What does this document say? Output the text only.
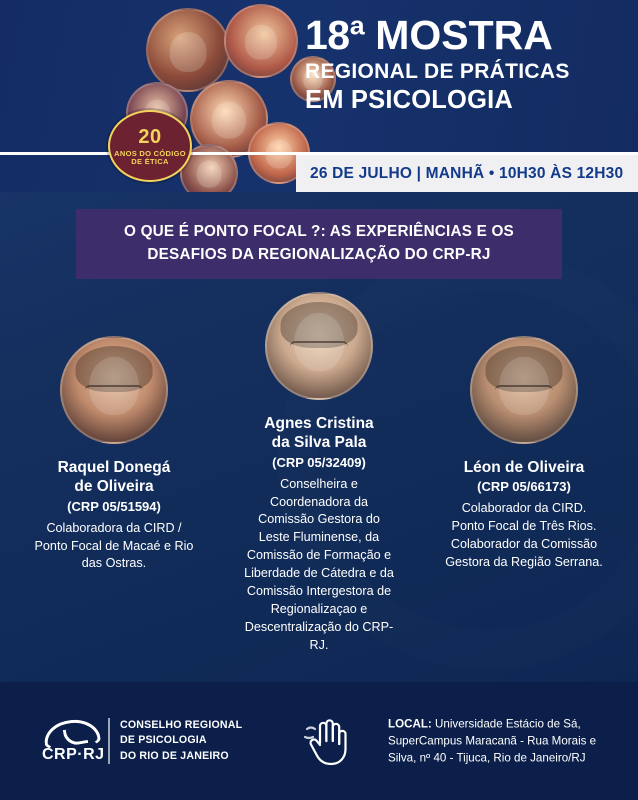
20
ANOS DO CÓDIGO DE ÉTICA
18ª MOSTRA
REGIONAL DE PRÁTICAS
EM PSICOLOGIA
26 DE JULHO | MANHÃ • 10H30 ÀS 12H30
O QUE É PONTO FOCAL ?: AS EXPERIÊNCIAS E OS
DESAFIOS DA REGIONALIZAÇÃO DO CRP-RJ
Raquel Donegá
de Oliveira
(CRP 05/51594)
Colaboradora da CIRD / Ponto Focal de Macaé e Rio das Ostras.
Agnes Cristina
da Silva Pala
(CRP 05/32409)
Conselheira e Coordenadora da Comissão Gestora do Leste Fluminense, da Comissão de Formação e Liberdade de Cátedra e da Comissão Intergestora de Regionalizaçao e Descentralização do CRP-RJ.
Léon de Oliveira
(CRP 05/66173)
Colaborador da CIRD. Ponto Focal de Três Rios. Colaborador da Comissão Gestora da Região Serrana.
CRP·RJ
CONSELHO REGIONAL
DE PSICOLOGIA
DO RIO DE JANEIRO
LOCAL: Universidade Estácio de Sá, SuperCampus Maracanã - Rua Morais e Silva, nº 40 - Tijuca, Rio de Janeiro/RJ
